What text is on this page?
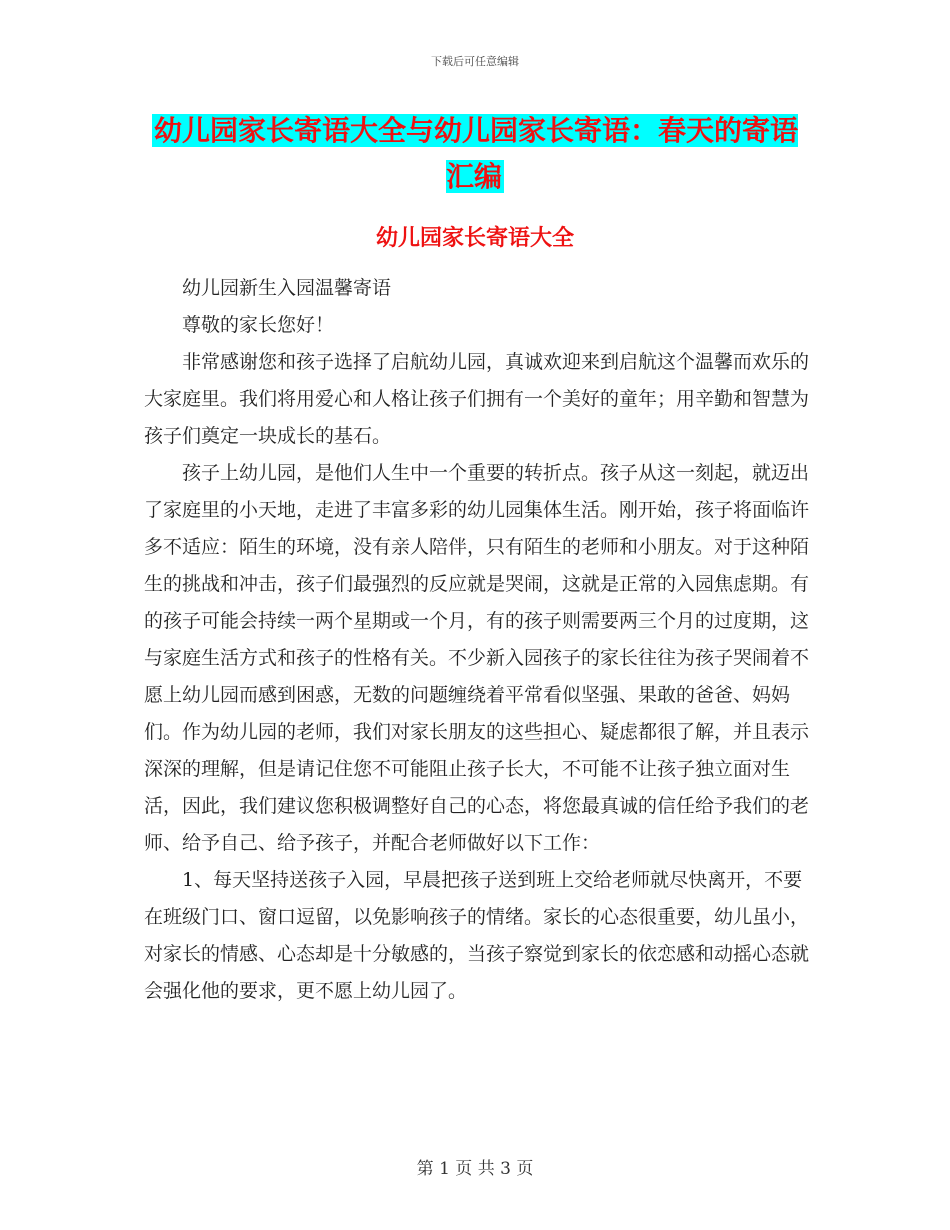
下载后可任意编辑
幼儿园家长寄语大全与幼儿园家长寄语：春天的寄语汇编
幼儿园家长寄语大全

幼儿园新生入园温馨寄语

尊敬的家长您好！

非常感谢您和孩子选择了启航幼儿园，真诚欢迎来到启航这个温馨而欢乐的大家庭里。我们将用爱心和人格让孩子们拥有一个美好的童年；用辛勤和智慧为孩子们奠定一块成长的基石。

孩子上幼儿园，是他们人生中一个重要的转折点。孩子从这一刻起，就迈出了家庭里的小天地，走进了丰富多彩的幼儿园集体生活。刚开始，孩子将面临许多不适应：陌生的环境，没有亲人陪伴，只有陌生的老师和小朋友。对于这种陌生的挑战和冲击，孩子们最强烈的反应就是哭闹，这就是正常的入园焦虑期。有的孩子可能会持续一两个星期或一个月，有的孩子则需要两三个月的过度期，这与家庭生活方式和孩子的性格有关。不少新入园孩子的家长往往为孩子哭闹着不愿上幼儿园而感到困惑，无数的问题缠绕着平常看似坚强、果敢的爸爸、妈妈们。作为幼儿园的老师，我们对家长朋友的这些担心、疑虑都很了解，并且表示深深的理解，但是请记住您不可能阻止孩子长大，不可能不让孩子独立面对生活，因此，我们建议您积极调整好自己的心态，将您最真诚的信任给予我们的老师、给予自己、给予孩子，并配合老师做好以下工作：

1、每天坚持送孩子入园，早晨把孩子送到班上交给老师就尽快离开，不要在班级门口、窗口逗留，以免影响孩子的情绪。家长的心态很重要，幼儿虽小，对家长的情感、心态却是十分敏感的，当孩子察觉到家长的依恋感和动摇心态就会强化他的要求，更不愿上幼儿园了。

第 1 页 共 3 页
